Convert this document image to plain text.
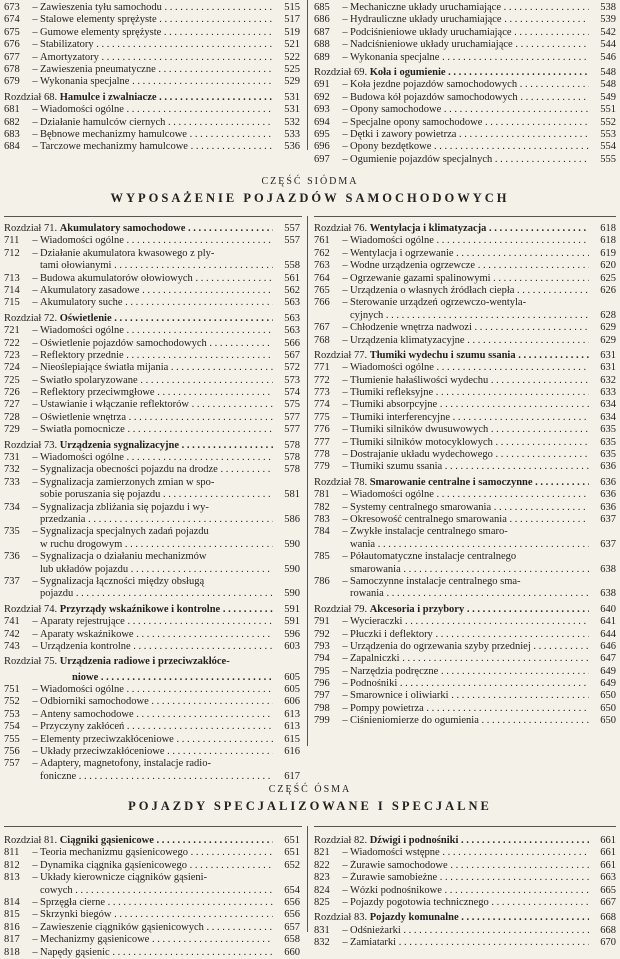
673	– Zawieszenia tyłu samochodu . . .	515
674	– Stalowe elementy sprężyste . . .	517
675	– Gumowe elementy sprężyste . . .	519
676	– Stabilizatory . . .	521
677	– Amortyzatory . . .	522
678	– Zawieszenia pneumatyczne . . .	525
679	– Wykonania specjalne . . .	529
Rozdział 68. Hamulce i zwalniacze . . .	531
681	– Wiadomości ogólne . . .	531
682	– Działanie hamulców ciernych . . .	532
683	– Bębnowe mechanizmy hamulcowe . . .	533
684	– Tarczowe mechanizmy hamulcowe . . .	536
685	– Mechaniczne układy uruchamiające . . .	538
686	– Hydrauliczne układy uruchamiające . . .	539
687	– Podciśnieniowe układy uruchamiające . . .	542
688	– Nadciśnieniowe układy uruchamiające . . .	544
689	– Wykonania specjalne . . .	546
Rozdział 69. Koła i ogumienie . . .	548
691	– Koła jezdne pojazdów samochodowych . . .	548
692	– Budowa kół pojazdów samochodowych . . .	549
693	– Opony samochodowe . . .	551
694	– Specjalne opony samochodowe . . .	552
695	– Dętki i zawory powietrza . . .	553
696	– Opony bezdętkowe . . .	554
697	– Ogumienie pojazdów specjalnych . . .	555
CZĘŚĆ SIÓDMA
WYPOSAŻENIE POJAZDÓW SAMOCHODOWYCH
Rozdział 71. Akumulatory samochodowe . . .	557
711	– Wiadomości ogólne . . .	557
712	– Działanie akumulatora kwasowego z ply-
tami ołowianymi . . .	558
713	– Budowa akumulatorów ołowiowych . . .	561
714	– Akumulatory zasadowe . . .	562
715	– Akumulatory suche . . .	563
Rozdział 72. Oświetlenie . . .	563
721	– Wiadomości ogólne . . .	563
722	– Oświetlenie pojazdów samochodowych . . .	566
723	– Reflektory przednie . . .	567
724	– Nieoślepiające światła mijania . . .	572
725	– Światło spolaryzowane . . .	573
726	– Reflektory przeciwmgłowe . . .	574
727	– Ustawianie i włączanie reflektorów . . .	575
728	– Oświetlenie wnętrza . . .	577
729	– Światła pomocnicze . . .	577
Rozdział 73. Urządzenia sygnalizacyjne . . .	578
731	– Wiadomości ogólne . . .	578
732	– Sygnalizacja obecności pojazdu na drodze . . .	578
733	– Sygnalizacja zamierzonych zmian w spo-
sobie poruszania się pojazdu . . .	581
734	– Sygnalizacja zbliżania się pojazdu i wy-
przedzania . . .	586
735	– Sygnalizacja specjalnych zadań pojazdu
w ruchu drogowym . . .	590
736	– Sygnalizacja o działaniu mechanizmów
lub układów pojazdu . . .	590
737	– Sygnalizacja łączności między obsługą
pojazdu . . .	590
Rozdział 74. Przyrządy wskaźnikowe i kontrolne . . .	591
741	– Aparaty rejestrujące . . .	591
742	– Aparaty wskaźnikowe . . .	596
743	– Urządzenia kontrolne . . .	603
Rozdział 75. Urządzenia radiowe i przeciwzakłóce-
niowe . . .	605
751	– Wiadomości ogólne . . .	605
752	– Odbiorniki samochodowe . . .	606
753	– Anteny samochodowe . . .	613
754	– Przyczyny zakłóceń . . .	613
755	– Elementy przeciwzakłóceniowe . . .	615
756	– Układy przeciwzakłóceniowe . . .	616
757	– Adaptery, magnetofony, instalacje radio-
foniczne . . .	617
Rozdział 76. Wentylacja i klimatyzacja . . .	618
761	– Wiadomości ogólne . . .	618
762	– Wentylacja i ogrzewanie . . .	619
763	– Wodne urządzenia ogrzewcze . . .	620
764	– Ogrzewanie gazami spalinowymi . . .	625
765	– Urządzenia o własnych źródłach ciepła . . .	626
766	– Sterowanie urządzeń ogrzewczo-wentyla-
cyjnych . . .	628
767	– Chłodzenie wnętrza nadwozi . . .	629
768	– Urządzenia klimatyzacyjne . . .	629
Rozdział 77. Tłumiki wydechu i szumu ssania . . .	631
771	– Wiadomości ogólne . . .	631
772	– Tłumienie hałaśliwości wydechu . . .	632
773	– Tłumiki refleksyjne . . .	633
774	– Tłumiki absorpcyjne . . .	634
775	– Tłumiki interferencyjne . . .	634
776	– Tłumiki silników dwusuwowych . . .	635
777	– Tłumiki silników motocyklowych . . .	635
778	– Dostrajanie układu wydechowego . . .	635
779	– Tłumiki szumu ssania . . .	636
Rozdział 78. Smarowanie centralne i samoczynne . . .	636
781	– Wiadomości ogólne . . .	636
782	– Systemy centralnego smarowania . . .	636
783	– Okresowość centralnego smarowania . . .	637
784	– Zwykłe instalacje centralnego smaro-
wania . . .	637
785	– Półautomatyczne instalacje centralnego
smarowania . . .	638
786	– Samoczynne instalacje centralnego sma-
rowania . . .	638
Rozdział 79. Akcesoria i przybory . . .	640
791	– Wycieraczki . . .	641
792	– Płuczki i deflektory . . .	644
793	– Urządzenia do ogrzewania szyby przedniej . . .	646
794	– Zapalniczki . . .	647
795	– Narzędzia podręczne . . .	649
796	– Podnośniki . . .	649
797	– Smarownice i oliwiarki . . .	650
798	– Pompy powietrza . . .	650
799	– Ciśnieniomierze do ogumienia . . .	650
CZĘŚĆ ÓSMA
POJAZDY SPECJALIZOWANE I SPECJALNE
Rozdział 81. Ciągniki gąsienicowe . . .	651
811	– Teoria mechanizmu gąsienicowego . . .	651
812	– Dynamika ciągnika gąsienicowego . . .	652
813	– Układy kierownicze ciągników gąsieni-
cowych . . .	654
814	– Sprzęgła cierne . . .	656
815	– Skrzynki biegów . . .	656
816	– Zawieszenie ciągników gąsienicowych . . .	657
817	– Mechanizmy gąsienicowe . . .	658
818	– Napędy gąsienic . . .	660
Rozdział 82. Dźwigi i podnośniki . . .	661
821	– Wiadomości wstępne . . .	661
822	– Żurawie samochodowe . . .	661
823	– Żurawie samobieżne . . .	663
824	– Wózki podnośnikowe . . .	665
825	– Pojazdy pogotowia technicznego . . .	667
Rozdział 83. Pojazdy komunalne . . .	668
831	– Odśnieżarki . . .	668
832	– Zamiatarki . . .	670
